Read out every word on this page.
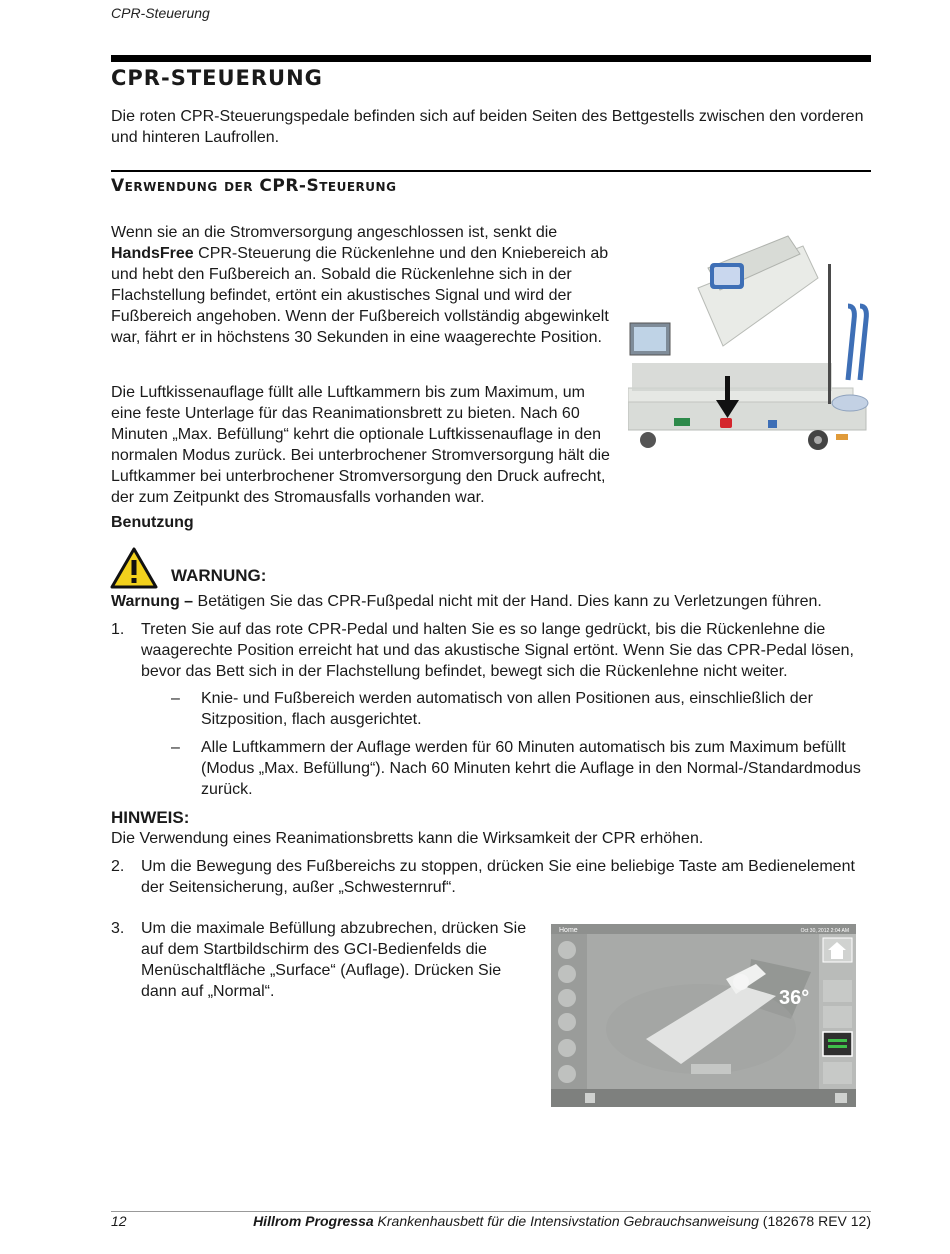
CPR-Steuerung
CPR-STEUERUNG
Die roten CPR-Steuerungspedale befinden sich auf beiden Seiten des Bettgestells zwischen den vorderen und hinteren Laufrollen.
Verwendung der CPR-Steuerung
Wenn sie an die Stromversorgung angeschlossen ist, senkt die HandsFree CPR-Steuerung die Rückenlehne und den Kniebereich ab und hebt den Fußbereich an. Sobald die Rückenlehne sich in der Flachstellung befindet, ertönt ein akustisches Signal und wird der Fußbereich angehoben. Wenn der Fußbereich vollständig abgewinkelt war, fährt er in höchstens 30 Sekunden in eine waagerechte Position.
Die Luftkissenauflage füllt alle Luftkammern bis zum Maximum, um eine feste Unterlage für das Reanimationsbrett zu bieten. Nach 60 Minuten „Max. Befüllung“ kehrt die optionale Luftkissenauflage in den normalen Modus zurück. Bei unterbrochener Stromversorgung hält die Luftkammer bei unterbrochener Stromversorgung den Druck aufrecht, der zum Zeitpunkt des Stromausfalls vorhanden war.
Benutzung
WARNUNG:
Warnung – Betätigen Sie das CPR-Fußpedal nicht mit der Hand. Dies kann zu Verletzungen führen.
1. Treten Sie auf das rote CPR-Pedal und halten Sie es so lange gedrückt, bis die Rückenlehne die waagerechte Position erreicht hat und das akustische Signal ertönt. Wenn Sie das CPR-Pedal lösen, bevor das Bett sich in der Flachstellung befindet, bewegt sich die Rückenlehne nicht weiter.
– Knie- und Fußbereich werden automatisch von allen Positionen aus, einschließlich der Sitzposition, flach ausgerichtet.
– Alle Luftkammern der Auflage werden für 60 Minuten automatisch bis zum Maximum befüllt (Modus „Max. Befüllung“). Nach 60 Minuten kehrt die Auflage in den Normal-/Standardmodus zurück.
HINWEIS:
Die Verwendung eines Reanimationsbretts kann die Wirksamkeit der CPR erhöhen.
2. Um die Bewegung des Fußbereichs zu stoppen, drücken Sie eine beliebige Taste am Bedienelement der Seitensicherung, außer „Schwesternruf“.
3. Um die maximale Befüllung abzubrechen, drücken Sie auf dem Startbildschirm des GCI-Bedienfelds die Menüschaltfläche „Surface“ (Auflage). Drücken Sie dann auf „Normal“.
Home	Oct 30, 2012 2:04 AM
36°
12	Hillrom Progressa Krankenhausbett für die Intensivstation Gebrauchsanweisung (182678 REV 12)
